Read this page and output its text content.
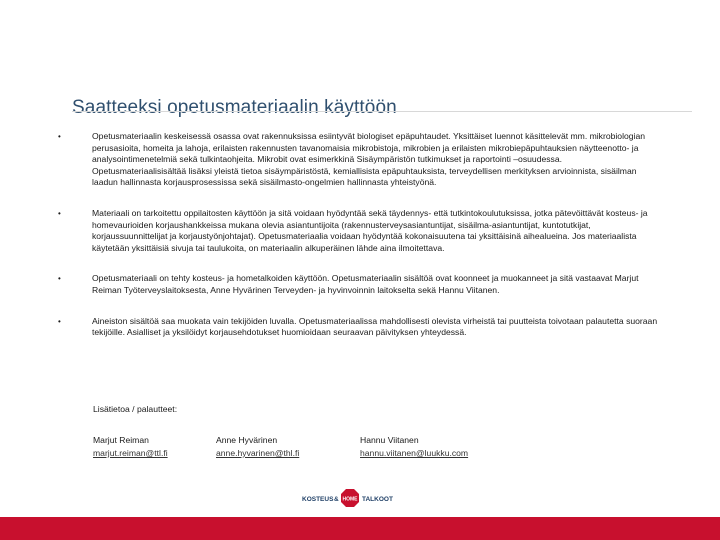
Saatteeksi opetusmateriaalin käyttöön
•	Opetusmateriaalin keskeisessä osassa ovat rakennuksissa esiintyvät biologiset epäpuhtaudet. Yksittäiset luennot käsittelevät mm. mikrobiologian perusasioita, homeita ja lahoja, erilaisten rakennusten tavanomaisia mikrobistoja, mikrobien ja erilaisten mikrobiepäpuhtauksien näytteenotto- ja analysointimenetelmiä sekä tulkintaohjeita. Mikrobit ovat esimerkkinä Sisäympäristön tutkimukset ja raportointi –osuudessa. Opetusmateriaalisisältää lisäksi yleistä tietoa sisäympäristöstä, kemiallisista epäpuhtauksista, terveydellisen merkityksen arvioinnista, sisäilman laadun hallinnasta korjausprosessissa sekä sisäilmasto-ongelmien hallinnasta yhteistyönä.
•	Materiaali on tarkoitettu oppilaitosten käyttöön ja sitä voidaan hyödyntää sekä täydennys- että tutkintokoulutuksissa, jotka pätevöittävät kosteus- ja homevaurioiden korjaushankkeissa mukana olevia asiantuntijoita (rakennusterveysasiantuntijat, sisäilma-asiantuntijat, kuntotutkijat, korjaussuunnittelijat ja korjaustyönjohtajat). Opetusmateriaalia voidaan hyödyntää kokonaisuutena tai yksittäisinä aihealueina. Jos materiaalista käytetään yksittäisiä sivuja tai taulukoita, on materiaalin alkuperäinen lähde aina ilmoitettava.
•	Opetusmateriaali on tehty kosteus- ja hometalkoiden käyttöön. Opetusmateriaalin sisältöä ovat koonneet ja muokanneet ja sitä vastaavat Marjut Reiman Työterveyslaitoksesta, Anne Hyvärinen Terveyden- ja hyvinvoinnin laitokselta sekä Hannu Viitanen.
•	Aineiston sisältöä saa muokata vain tekijöiden luvalla. Opetusmateriaalissa mahdollisesti olevista virheistä tai puutteista toivotaan palautetta suoraan tekijöille. Asialliset ja yksilöidyt korjausehdotukset huomioidaan seuraavan päivityksen yhteydessä.
Lisätietoa / palautteet:
Marjut Reiman
marjut.reiman@ttl.fi
Anne Hyvärinen
anne.hyvarinen@thl.fi
Hannu Viitanen
hannu.viitanen@luukku.com
KOSTEUS & HOME TALKOOT
